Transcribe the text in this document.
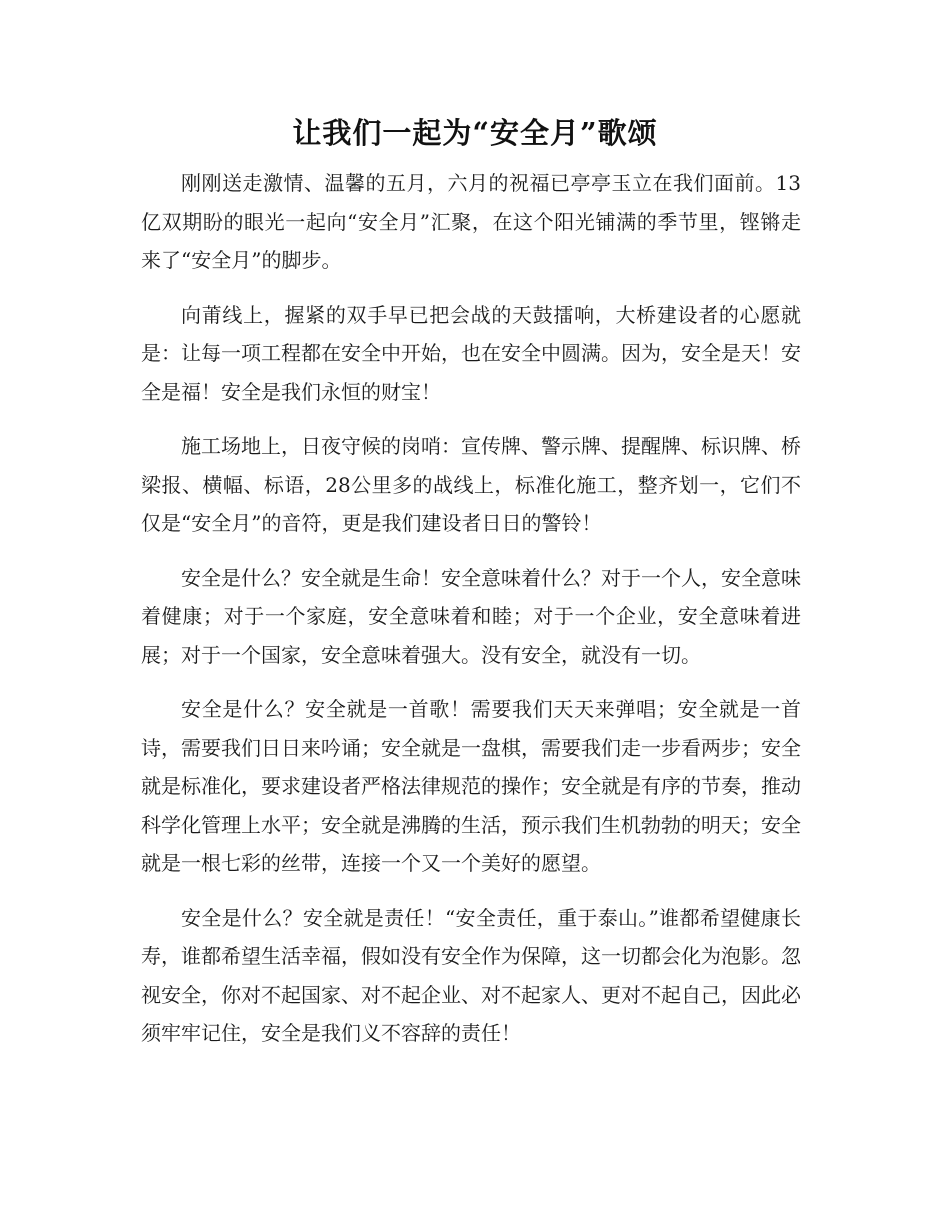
让我们一起为“安全月”歌颂

刚刚送走激情、温馨的五月，六月的祝福已亭亭玉立在我们面前。13亿双期盼的眼光一起向“安全月”汇聚，在这个阳光铺满的季节里，铿锵走来了“安全月”的脚步。

向莆线上，握紧的双手早已把会战的天鼓擂响，大桥建设者的心愿就是：让每一项工程都在安全中开始，也在安全中圆满。因为，安全是天！安全是福！安全是我们永恒的财宝！

施工场地上，日夜守候的岗哨：宣传牌、警示牌、提醒牌、标识牌、桥梁报、横幅、标语，28公里多的战线上，标准化施工，整齐划一，它们不仅是“安全月”的音符，更是我们建设者日日的警铃！

安全是什么？安全就是生命！安全意味着什么？对于一个人，安全意味着健康；对于一个家庭，安全意味着和睦；对于一个企业，安全意味着进展；对于一个国家，安全意味着强大。没有安全，就没有一切。

安全是什么？安全就是一首歌！需要我们天天来弹唱；安全就是一首诗，需要我们日日来吟诵；安全就是一盘棋，需要我们走一步看两步；安全就是标准化，要求建设者严格法律规范的操作；安全就是有序的节奏，推动科学化管理上水平；安全就是沸腾的生活，预示我们生机勃勃的明天；安全就是一根七彩的丝带，连接一个又一个美好的愿望。

安全是什么？安全就是责任！“安全责任，重于泰山。”谁都希望健康长寿，谁都希望生活幸福，假如没有安全作为保障，这一切都会化为泡影。忽视安全，你对不起国家、对不起企业、对不起家人、更对不起自己，因此必须牢牢记住，安全是我们义不容辞的责任！
